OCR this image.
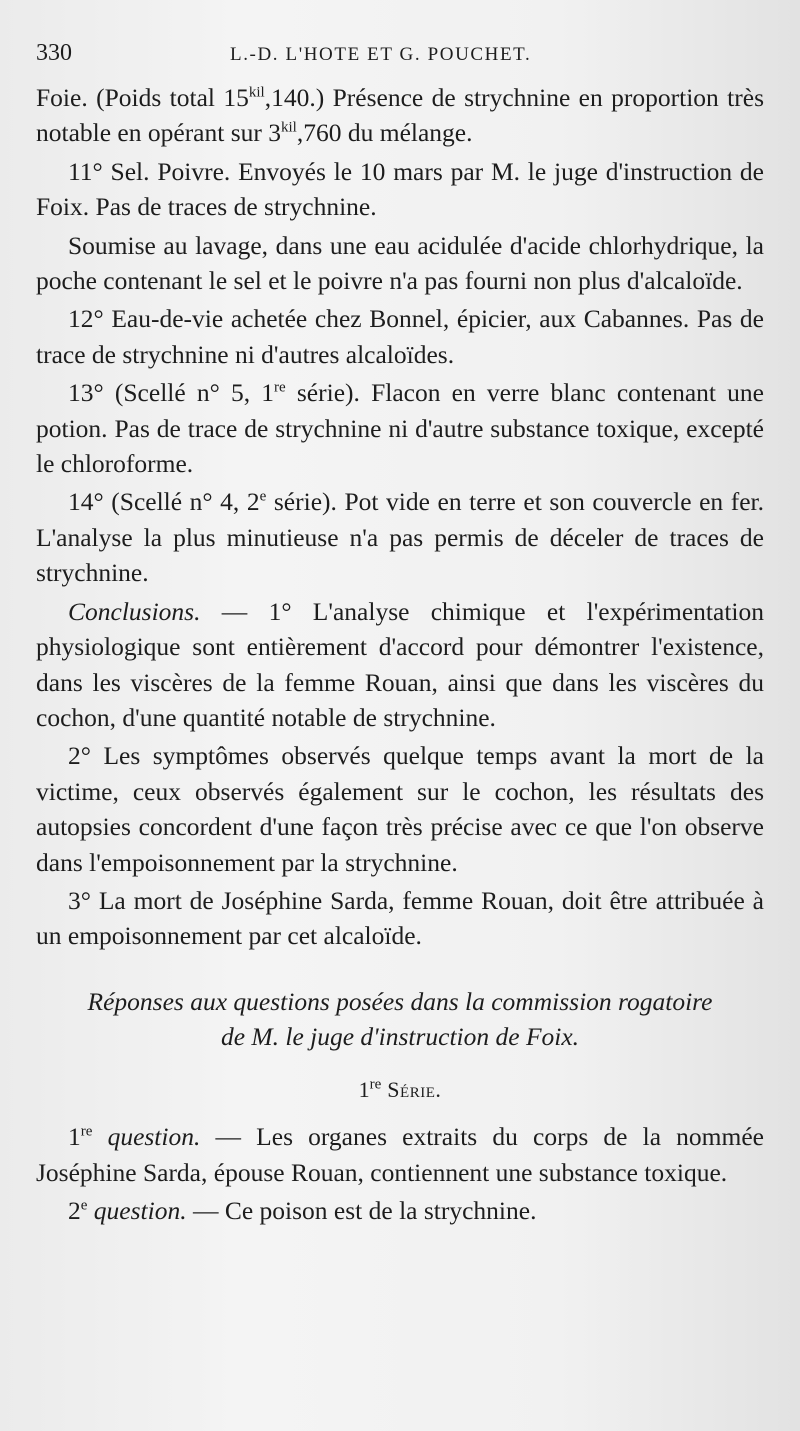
330	L.-D. L'HOTE ET G. POUCHET.

Foie. (Poids total $15^{kil},140$.) Présence de strychnine en proportion très notable en opérant sur $3^{kil},760$ du mélange.

11° Sel. Poivre. Envoyés le 10 mars par M. le juge d'instruction de Foix. Pas de traces de strychnine.

Soumise au lavage, dans une eau acidulée d'acide chlorhydrique, la poche contenant le sel et le poivre n'a pas fourni non plus d'alcaloïde.

12° Eau-de-vie achetée chez Bonnel, épicier, aux Cabannes. Pas de trace de strychnine ni d'autres alcaloïdes.

13° (Scellé n° 5, 1re série). Flacon en verre blanc contenant une potion. Pas de trace de strychnine ni d'autre substance toxique, excepté le chloroforme.

14° (Scellé n° 4, 2e série). Pot vide en terre et son couvercle en fer. L'analyse la plus minutieuse n'a pas permis de déceler de traces de strychnine.

Conclusions. — 1° L'analyse chimique et l'expérimentation physiologique sont entièrement d'accord pour démontrer l'existence, dans les viscères de la femme Rouan, ainsi que dans les viscères du cochon, d'une quantité notable de strychnine.

2° Les symptômes observés quelque temps avant la mort de la victime, ceux observés également sur le cochon, les résultats des autopsies concordent d'une façon très précise avec ce que l'on observe dans l'empoisonnement par la strychnine.

3° La mort de Joséphine Sarda, femme Rouan, doit être attribuée à un empoisonnement par cet alcaloïde.

Réponses aux questions posées dans la commission rogatoire
de M. le juge d'instruction de Foix.

1re Série.

1re question. — Les organes extraits du corps de la nommée Joséphine Sarda, épouse Rouan, contiennent une substance toxique.

2e question. — Ce poison est de la strychnine.
